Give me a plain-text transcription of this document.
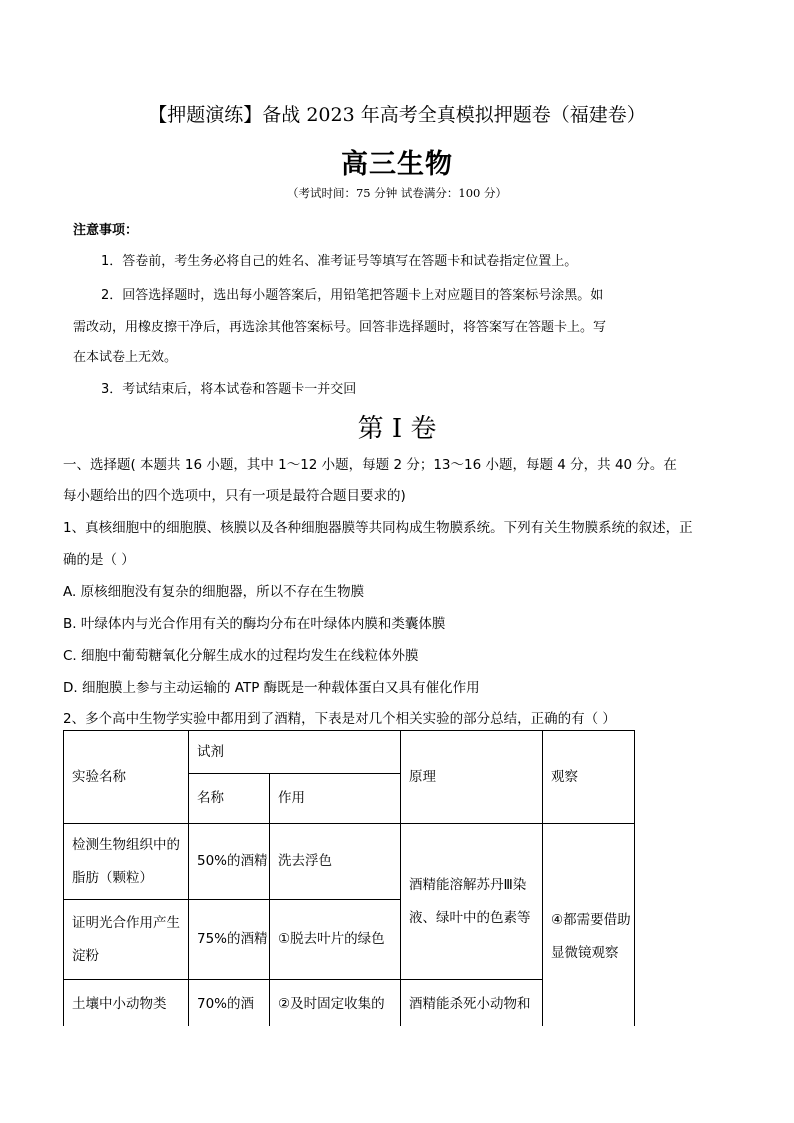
【押题演练】备战 2023 年高考全真模拟押题卷（福建卷）
高三生物
（考试时间：75 分钟 试卷满分：100 分）
注意事项：
1．答卷前，考生务必将自己的姓名、准考证号等填写在答题卡和试卷指定位置上。
2．回答选择题时，选出每小题答案后，用铅笔把答题卡上对应题目的答案标号涂黑。如
需改动，用橡皮擦干净后，再选涂其他答案标号。回答非选择题时，将答案写在答题卡上。写
在本试卷上无效。
3．考试结束后，将本试卷和答题卡一并交回
第 I 卷
一、选择题( 本题共 16 小题，其中 1～12 小题，每题 2 分；13～16 小题，每题 4 分，共 40 分。在
每小题给出的四个选项中，只有一项是最符合题目要求的)
1、真核细胞中的细胞膜、核膜以及各种细胞器膜等共同构成生物膜系统。下列有关生物膜系统的叙述，正
确的是（ ）
A. 原核细胞没有复杂的细胞器，所以不存在生物膜
B. 叶绿体内与光合作用有关的酶均分布在叶绿体内膜和类囊体膜
C. 细胞中葡萄糖氧化分解生成水的过程均发生在线粒体外膜
D. 细胞膜上参与主动运输的 ATP 酶既是一种载体蛋白又具有催化作用
2、多个高中生物学实验中都用到了酒精，下表是对几个相关实验的部分总结，正确的有（ ）
实验名称	试剂		原理	观察
	名称	作用		
检测生物组织中的脂肪（颗粒）	50%的酒精	洗去浮色	酒精能溶解苏丹Ⅲ染液、绿叶中的色素等	④都需要借助显微镜观察
证明光合作用产生淀粉	75%的酒精	①脱去叶片的绿色		
土壤中小动物类	70%的酒	②及时固定收集的	酒精能杀死小动物和	
